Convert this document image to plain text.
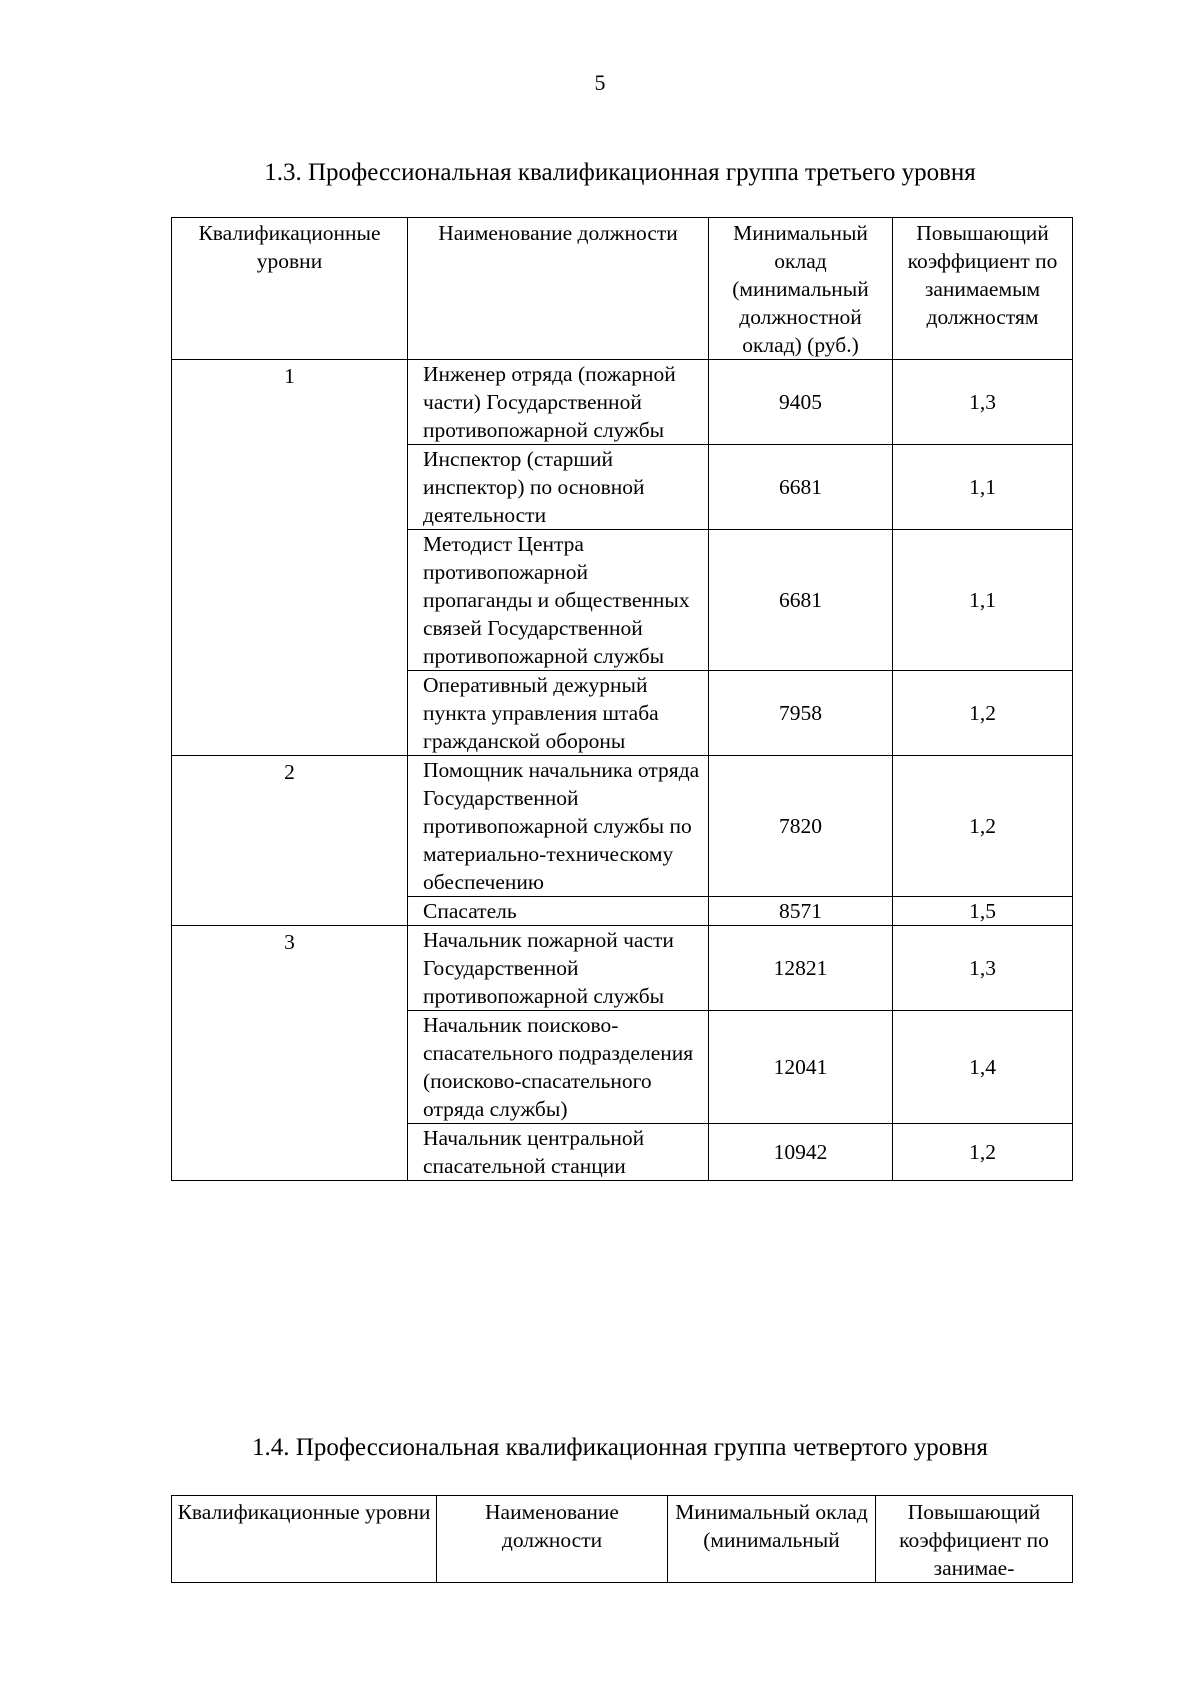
5
1.3. Профессиональная квалификационная группа третьего уровня
Квалификационные уровни	Наименование должности	Минимальный оклад (минимальный должностной оклад) (руб.)	Повышающий коэффициент по занимаемым должностям
1	Инженер отряда (пожарной части) Государственной противопожарной службы	9405	1,3
	Инспектор (старший инспектор) по основной деятельности	6681	1,1
	Методист Центра противопожарной пропаганды и общественных связей Государственной противопожарной службы	6681	1,1
	Оперативный дежурный пункта управления штаба гражданской обороны	7958	1,2
2	Помощник начальника отряда Государственной противопожарной службы по материально-техническому обеспечению	7820	1,2
	Спасатель	8571	1,5
3	Начальник пожарной части Государственной противопожарной службы	12821	1,3
	Начальник поисково-спасательного подразделения (поисково-спасательного отряда службы)	12041	1,4
	Начальник центральной спасательной станции	10942	1,2
1.4. Профессиональная квалификационная группа четвертого уровня
Квалификационные уровни	Наименование должности	Минимальный оклад (минимальный	Повышающий коэффициент по занимае-
